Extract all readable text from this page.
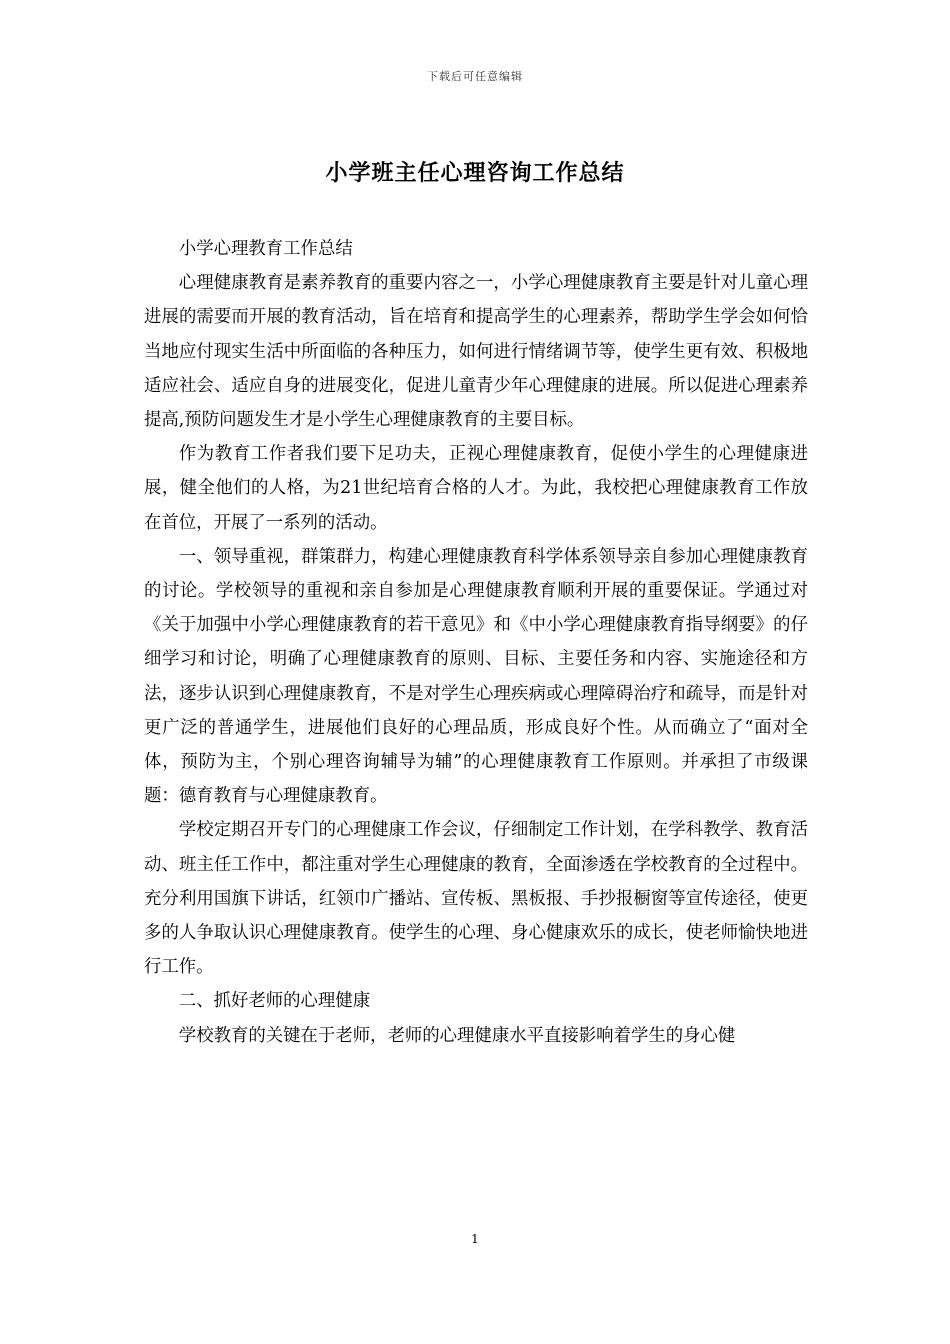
下载后可任意编辑
小学班主任心理咨询工作总结

小学心理教育工作总结

心理健康教育是素养教育的重要内容之一，小学心理健康教育主要是针对儿童心理进展的需要而开展的教育活动，旨在培育和提高学生的心理素养，帮助学生学会如何恰当地应付现实生活中所面临的各种压力，如何进行情绪调节等，使学生更有效、积极地适应社会、适应自身的进展变化，促进儿童青少年心理健康的进展。所以促进心理素养提高,预防问题发生才是小学生心理健康教育的主要目标。

作为教育工作者我们要下足功夫，正视心理健康教育，促使小学生的心理健康进展，健全他们的人格，为21世纪培育合格的人才。为此，我校把心理健康教育工作放在首位，开展了一系列的活动。

一、领导重视，群策群力，构建心理健康教育科学体系领导亲自参加心理健康教育的讨论。学校领导的重视和亲自参加是心理健康教育顺利开展的重要保证。学通过对《关于加强中小学心理健康教育的若干意见》和《中小学心理健康教育指导纲要》的仔细学习和讨论，明确了心理健康教育的原则、目标、主要任务和内容、实施途径和方法，逐步认识到心理健康教育，不是对学生心理疾病或心理障碍治疗和疏导，而是针对更广泛的普通学生，进展他们良好的心理品质，形成良好个性。从而确立了“面对全体，预防为主，个别心理咨询辅导为辅”的心理健康教育工作原则。并承担了市级课题：德育教育与心理健康教育。

学校定期召开专门的心理健康工作会议，仔细制定工作计划，在学科教学、教育活动、班主任工作中，都注重对学生心理健康的教育，全面渗透在学校教育的全过程中。充分利用国旗下讲话，红领巾广播站、宣传板、黑板报、手抄报橱窗等宣传途径，使更多的人争取认识心理健康教育。使学生的心理、身心健康欢乐的成长，使老师愉快地进行工作。

二、抓好老师的心理健康

学校教育的关键在于老师，老师的心理健康水平直接影响着学生的身心健

1
